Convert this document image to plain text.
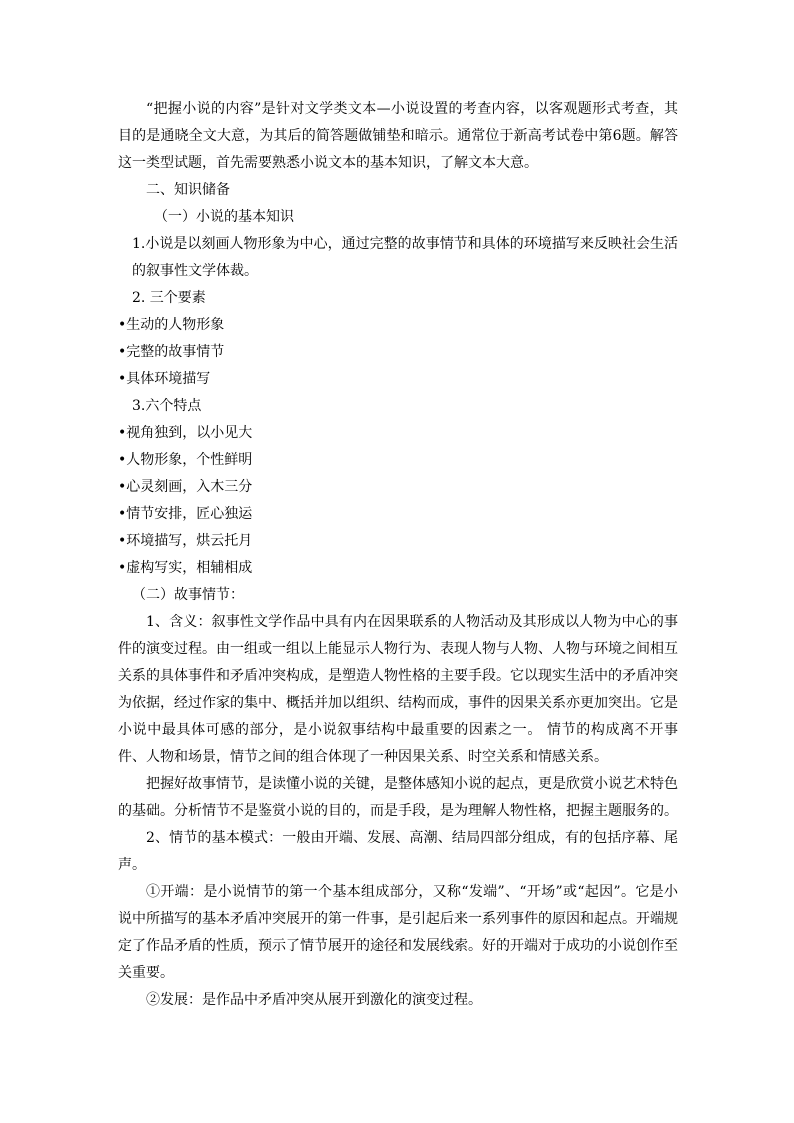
“把握小说的内容”是针对文学类文本—小说设置的考查内容，以客观题形式考查，其目的是通晓全文大意，为其后的简答题做铺垫和暗示。通常位于新高考试卷中第6题。解答这一类型试题，首先需要熟悉小说文本的基本知识，了解文本大意。

二、知识储备

（一）小说的基本知识

1.小说是以刻画人物形象为中心，通过完整的故事情节和具体的环境描写来反映社会生活的叙事性文学体裁。

2. 三个要素

•生动的人物形象

•完整的故事情节

•具体环境描写

3.六个特点

•视角独到，以小见大

•人物形象，个性鲜明

•心灵刻画，入木三分

•情节安排，匠心独运

•环境描写，烘云托月

•虚构写实，相辅相成

（二）故事情节：

1、含义：叙事性文学作品中具有内在因果联系的人物活动及其形成以人物为中心的事件的演变过程。由一组或一组以上能显示人物行为、表现人物与人物、人物与环境之间相互关系的具体事件和矛盾冲突构成，是塑造人物性格的主要手段。它以现实生活中的矛盾冲突为依据，经过作家的集中、概括并加以组织、结构而成，事件的因果关系亦更加突出。它是小说中最具体可感的部分，是小说叙事结构中最重要的因素之一。 情节的构成离不开事件、人物和场景，情节之间的组合体现了一种因果关系、时空关系和情感关系。

把握好故事情节，是读懂小说的关键，是整体感知小说的起点，更是欣赏小说艺术特色的基础。分析情节不是鉴赏小说的目的，而是手段，是为理解人物性格，把握主题服务的。

2、情节的基本模式：一般由开端、发展、高潮、结局四部分组成，有的包括序幕、尾声。

①开端：是小说情节的第一个基本组成部分，又称“发端”、“开场”或“起因”。它是小说中所描写的基本矛盾冲突展开的第一件事，是引起后来一系列事件的原因和起点。开端规定了作品矛盾的性质，预示了情节展开的途径和发展线索。好的开端对于成功的小说创作至关重要。

②发展：是作品中矛盾冲突从展开到激化的演变过程。
